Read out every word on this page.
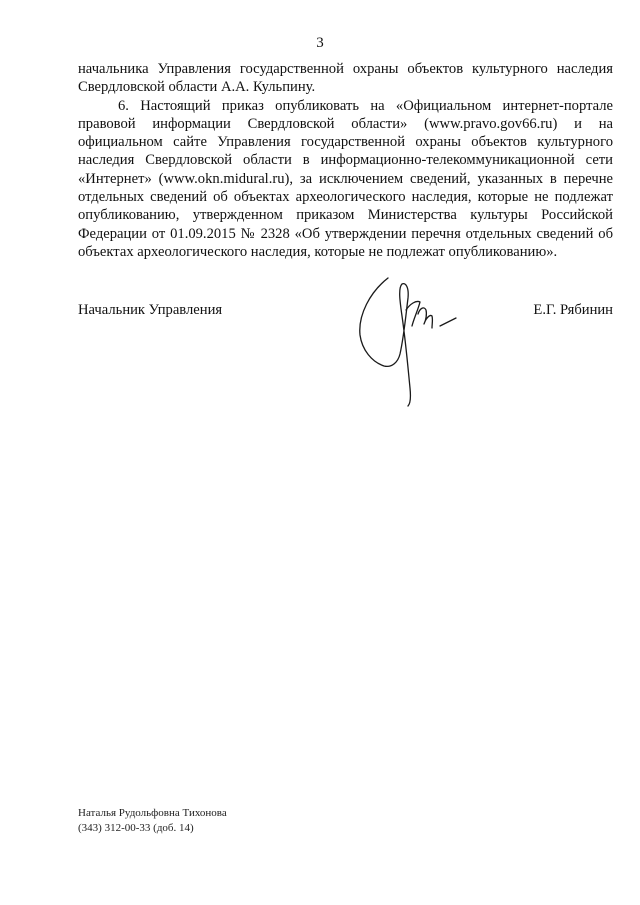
3

начальника Управления государственной охраны объектов культурного наследия Свердловской области А.А. Кульпину.

6. Настоящий приказ опубликовать на «Официальном интернет-портале правовой информации Свердловской области» (www.pravo.gov66.ru) и на официальном сайте Управления государственной охраны объектов культурного наследия Свердловской области в информационно-телекоммуникационной сети «Интернет» (www.okn.midural.ru), за исключением сведений, указанных в перечне отдельных сведений об объектах археологического наследия, которые не подлежат опубликованию, утвержденном приказом Министерства культуры Российской Федерации от 01.09.2015 № 2328 «Об утверждении перечня отдельных сведений об объектах археологического наследия, которые не подлежат опубликованию».

Начальник Управления	Е.Г. Рябинин
Наталья Рудольфовна Тихонова
(343) 312-00-33 (доб. 14)
